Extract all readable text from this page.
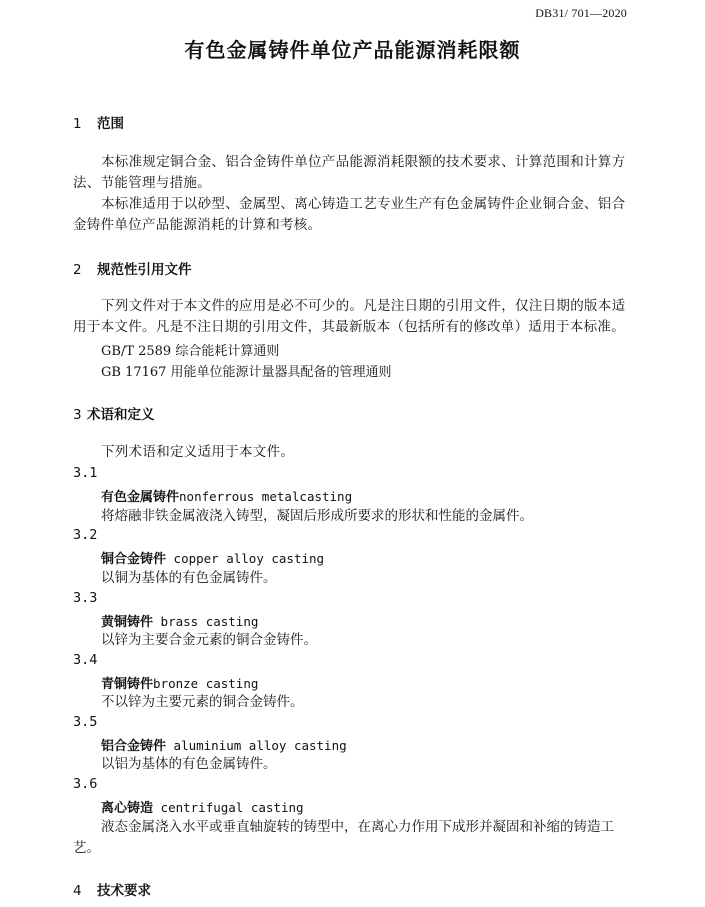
DB31/ 701—2020
有色金属铸件单位产品能源消耗限额
1 范围
本标准规定铜合金、铝合金铸件单位产品能源消耗限额的技术要求、计算范围和计算方法、节能管理与措施。
本标准适用于以砂型、金属型、离心铸造工艺专业生产有色金属铸件企业铜合金、铝合金铸件单位产品能源消耗的计算和考核。
2 规范性引用文件
下列文件对于本文件的应用是必不可少的。凡是注日期的引用文件，仅注日期的版本适用于本文件。凡是不注日期的引用文件，其最新版本（包括所有的修改单）适用于本标准。
GB/T 2589 综合能耗计算通则
GB 17167 用能单位能源计量器具配备的管理通则
3 术语和定义
下列术语和定义适用于本文件。
3.1
有色金属铸件nonferrous metalcasting
将熔融非铁金属液浇入铸型，凝固后形成所要求的形状和性能的金属件。
3.2
铜合金铸件 copper alloy casting
以铜为基体的有色金属铸件。
3.3
黄铜铸件 brass casting
以锌为主要合金元素的铜合金铸件。
3.4
青铜铸件bronze casting
不以锌为主要元素的铜合金铸件。
3.5
铝合金铸件 aluminium alloy casting
以铝为基体的有色金属铸件。
3.6
离心铸造 centrifugal casting
液态金属浇入水平或垂直轴旋转的铸型中，在离心力作用下成形并凝固和补缩的铸造工艺。
4 技术要求
